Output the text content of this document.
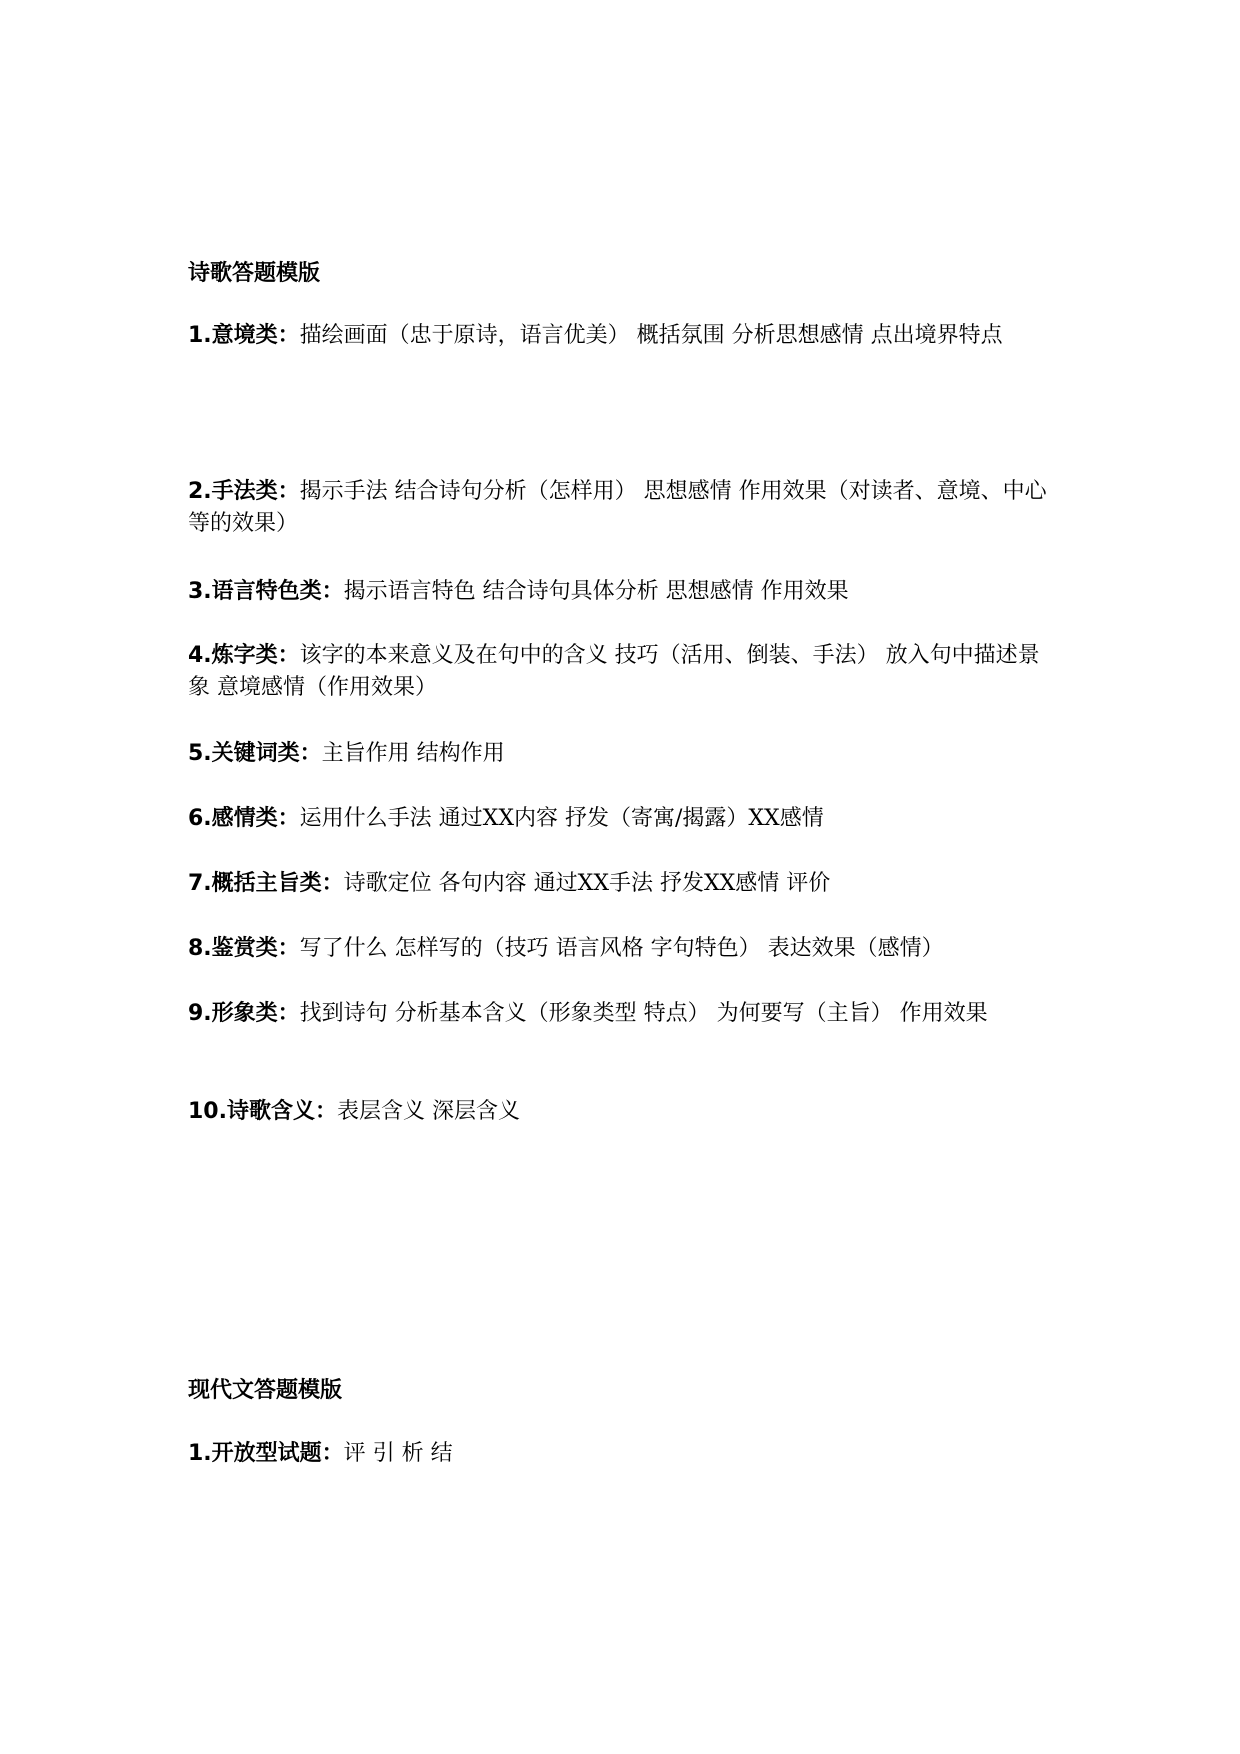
诗歌答题模版
1.意境类：描绘画面（忠于原诗，语言优美） 概括氛围 分析思想感情 点出境界特点
2.手法类：揭示手法 结合诗句分析（怎样用） 思想感情 作用效果（对读者、意境、中心等的效果）
3.语言特色类：揭示语言特色 结合诗句具体分析 思想感情 作用效果
4.炼字类：该字的本来意义及在句中的含义 技巧（活用、倒装、手法） 放入句中描述景象 意境感情（作用效果）
5.关键词类：主旨作用 结构作用
6.感情类：运用什么手法 通过XX内容 抒发（寄寓/揭露）XX感情
7.概括主旨类：诗歌定位 各句内容 通过XX手法 抒发XX感情 评价
8.鉴赏类：写了什么 怎样写的（技巧 语言风格 字句特色） 表达效果（感情）
9.形象类：找到诗句 分析基本含义（形象类型 特点） 为何要写（主旨） 作用效果
10.诗歌含义：表层含义 深层含义
现代文答题模版
1.开放型试题：评 引 析 结
